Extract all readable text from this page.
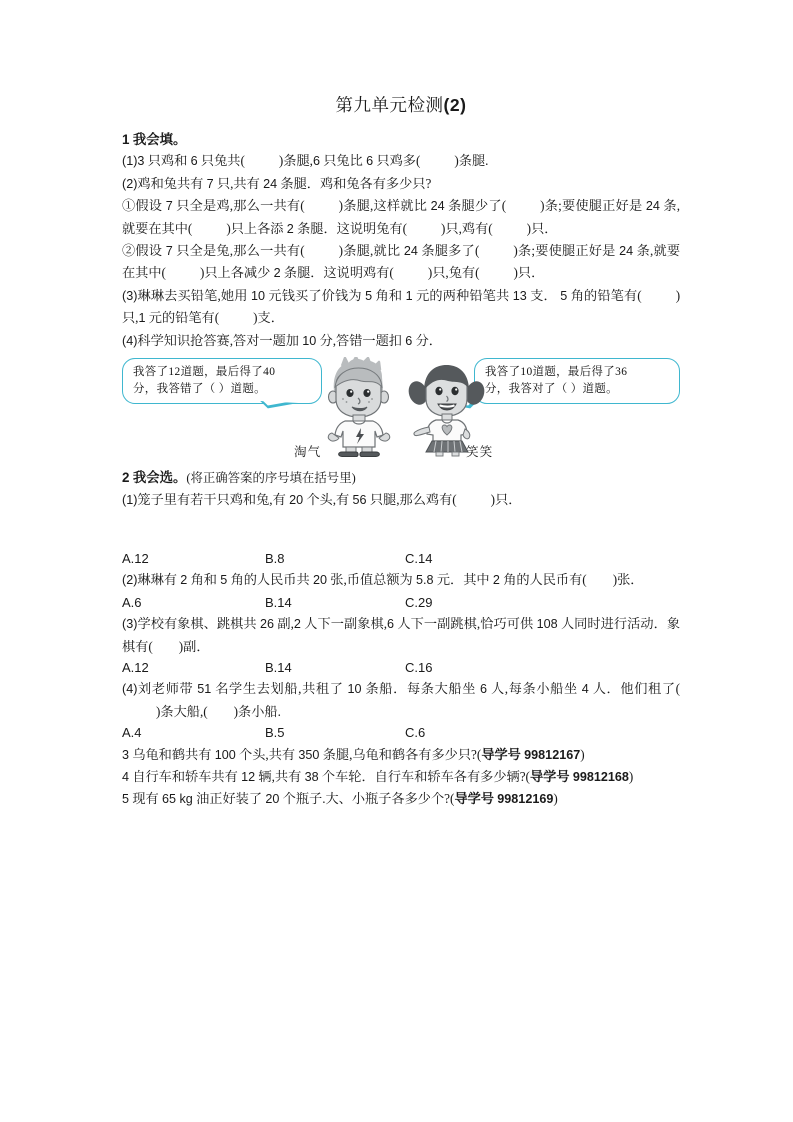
第九单元检测(2)

1 我会填。

(1)3 只鸡和 6 只兔共(	)条腿,6 只兔比 6 只鸡多(	)条腿.

(2)鸡和兔共有 7 只,共有 24 条腿．鸡和兔各有多少只?

①假设 7 只全是鸡,那么一共有(	)条腿,这样就比 24 条腿少了(	)条;要使腿正好是 24 条,就要在其中(	)只上各添 2 条腿．这说明兔有(	)只,鸡有(	)只．

②假设 7 只全是兔,那么一共有(	)条腿,就比 24 条腿多了(	)条;要使腿正好是 24 条,就要在其中(	)只上各减少 2 条腿．这说明鸡有(	)只,兔有(	)只．

(3)琳琳去买铅笔,她用 10 元钱买了价钱为 5 角和 1 元的两种铅笔共 13 支． 5 角的铅笔有(	)只,1 元的铅笔有(	)支．

(4)科学知识抢答赛,答对一题加 10 分,答错一题扣 6 分．

我答了12道题，最后得了40
分，我答错了（ ）道题。
我答了10道题，最后得了36
分，我答对了（ ）道题。
淘气	笑笑

2 我会选。(将正确答案的序号填在括号里)

(1)笼子里有若干只鸡和兔,有 20 个头,有 56 只腿,那么鸡有(	)只．

A.12	B.8	C.14

(2)琳琳有 2 角和 5 角的人民币共 20 张,币值总额为 5.8 元．其中 2 角的人民币有( )张．

A.6	B.14	C.29

(3)学校有象棋、跳棋共 26 副,2 人下一副象棋,6 人下一副跳棋,恰巧可供 108 人同时进行活动．象棋有( )副．

A.12	B.14	C.16

(4)刘老师带 51 名学生去划船,共租了 10 条船．每条大船坐 6 人,每条小船坐 4 人．他们租了()条大船,( )条小船.

A.4	B.5	C.6

3 乌龟和鹤共有 100 个头,共有 350 条腿,乌龟和鹤各有多少只?(导学号 99812167)

4 自行车和轿车共有 12 辆,共有 38 个车轮．自行车和轿车各有多少辆?(导学号 99812168)

5 现有 65 kg 油正好装了 20 个瓶子.大、小瓶子各多少个?(导学号 99812169)
